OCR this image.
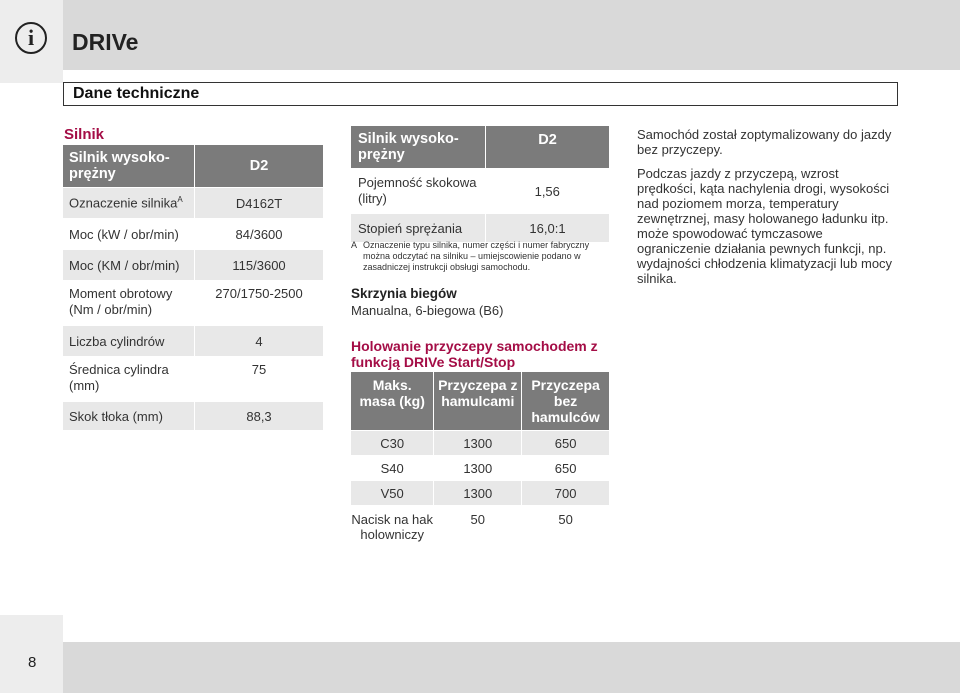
i	DRIVe
Dane techniczne
Silnik
Silnik wysokoprężny	D2
Oznaczenie silnika$^A$	D4162T
Moc (kW / obr/min)	84/3600
Moc (KM / obr/min)	115/3600
Moment obrotowy (Nm / obr/min)	270/1750-2500
Liczba cylindrów	4
Średnica cylindra (mm)	75
Skok tłoka (mm)	88,3
Silnik wysokoprężny	D2
Pojemność skokowa (litry)	1,56
Stopień sprężania	16,0:1
A Oznaczenie typu silnika, numer części i numer fabryczny można odczytać na silniku – umiejscowienie podano w zasadniczej instrukcji obsługi samochodu.
Skrzynia biegów
Manualna, 6-biegowa (B6)
Holowanie przyczepy samochodem z funkcją DRIVe Start/Stop
Maks. masa (kg)	Przyczepa z hamulcami	Przyczepa bez hamulców
C30	1300	650
S40	1300	650
V50	1300	700
Nacisk na hak holowniczy	50	50

Samochód został zoptymalizowany do jazdy bez przyczepy.

Podczas jazdy z przyczepą, wzrost prędkości, kąta nachylenia drogi, wysokości nad poziomem morza, temperatury zewnętrznej, masy holowanego ładunku itp. może spowodować tymczasowe ograniczenie działania pewnych funkcji, np. wydajności chłodzenia klimatyzacji lub mocy silnika.

8
